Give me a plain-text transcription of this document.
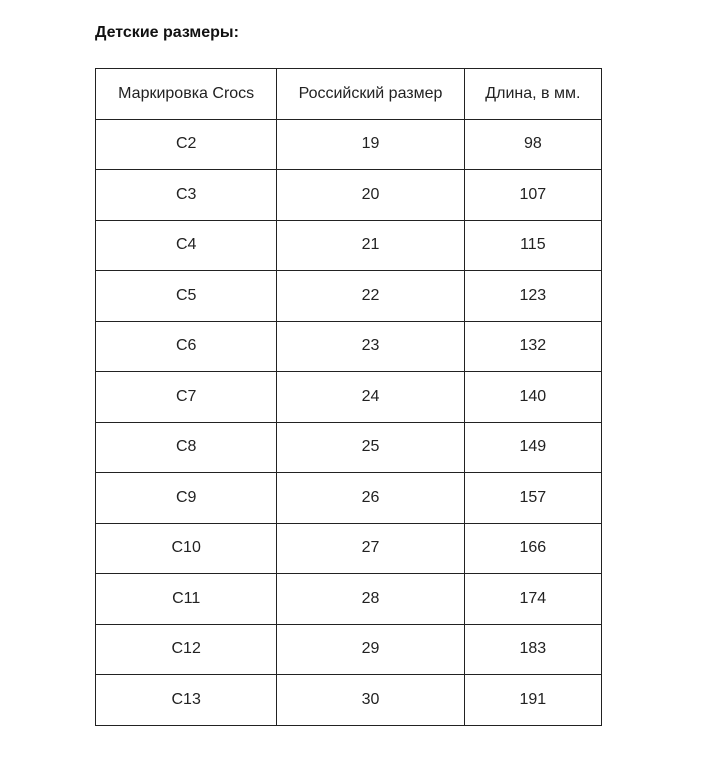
Детские размеры:
Маркировка Crocs	Российский размер	Длина, в мм.
C2	19	98
C3	20	107
C4	21	115
C5	22	123
C6	23	132
C7	24	140
C8	25	149
C9	26	157
C10	27	166
C11	28	174
C12	29	183
C13	30	191
